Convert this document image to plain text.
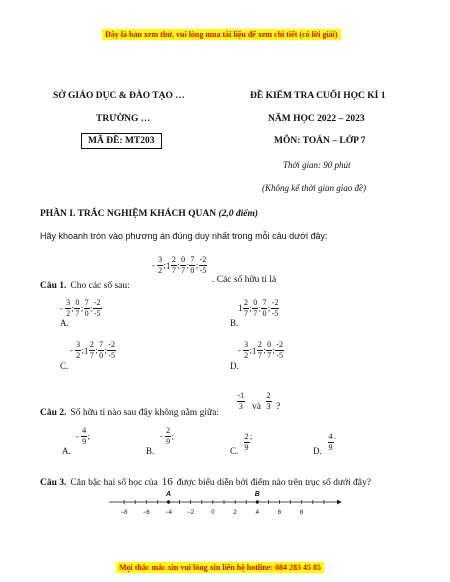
Đây là bản xem thử, vui lòng mua tài liệu để xem chi tiết (có lời giải)
SỞ GIÁO DỤC & ĐÀO TẠO …
TRƯỜNG …
MÃ ĐỀ: MT203
ĐỀ KIỂM TRA CUỐI HỌC KÌ 1
NĂM HỌC 2022 – 2023
MÔN: TOÁN – LỚP 7
Thời gian: 90 phút
(Không kể thời gian giao đề)
PHẦN I. TRẮC NGHIỆM KHÁCH QUAN (2,0 điểm)
Hãy khoanh tròn vào phương án đúng duy nhất trong mỗi câu dưới đây:
Câu 1. Cho các số sau:
- $\frac{3}{2}$ ; $1 \frac{2}{7}$ ; $\frac{0}{7}$ ; $\frac{7}{0}$ ; $\frac{-2}{-5}$
. Các số hữu tỉ là
- $\frac{3}{2}$ ; $\frac{0}{7}$ ; $\frac{7}{0}$ ; $\frac{-2}{-5}$
A.
$1 \frac{2}{7}$ ; $\frac{0}{7}$ ; $\frac{7}{0}$ ; $\frac{-2}{-5}$
B.
- $\frac{3}{2}$ ; $1 \frac{2}{7}$ ; $\frac{7}{0}$ ; $\frac{-2}{-5}$
C.
- $\frac{3}{2}$ ; $1 \frac{2}{7}$ ; $\frac{0}{7}$ ; $\frac{-2}{-5}$
D.
Câu 2. Số hữu tỉ nào sau đây không nằm giữa:
$\frac{-1}{3}$ và $\frac{2}{3}$ ?
A.
- $\frac{4}{9}$ ;
B.
- $\frac{2}{9}$ ;
C. $\frac{2}{9}$ ;
D. $\frac{4}{9}$ .
Câu 3. Căn bậc hai số học của 16 được biểu diễn bởi điểm nào trên trục số dưới đây?
−8	−6	−4	−2	0	2	4	6	8
A	B
Mọi thắc mắc xin vui lòng xin liên hệ hotline: 084 283 45 85
